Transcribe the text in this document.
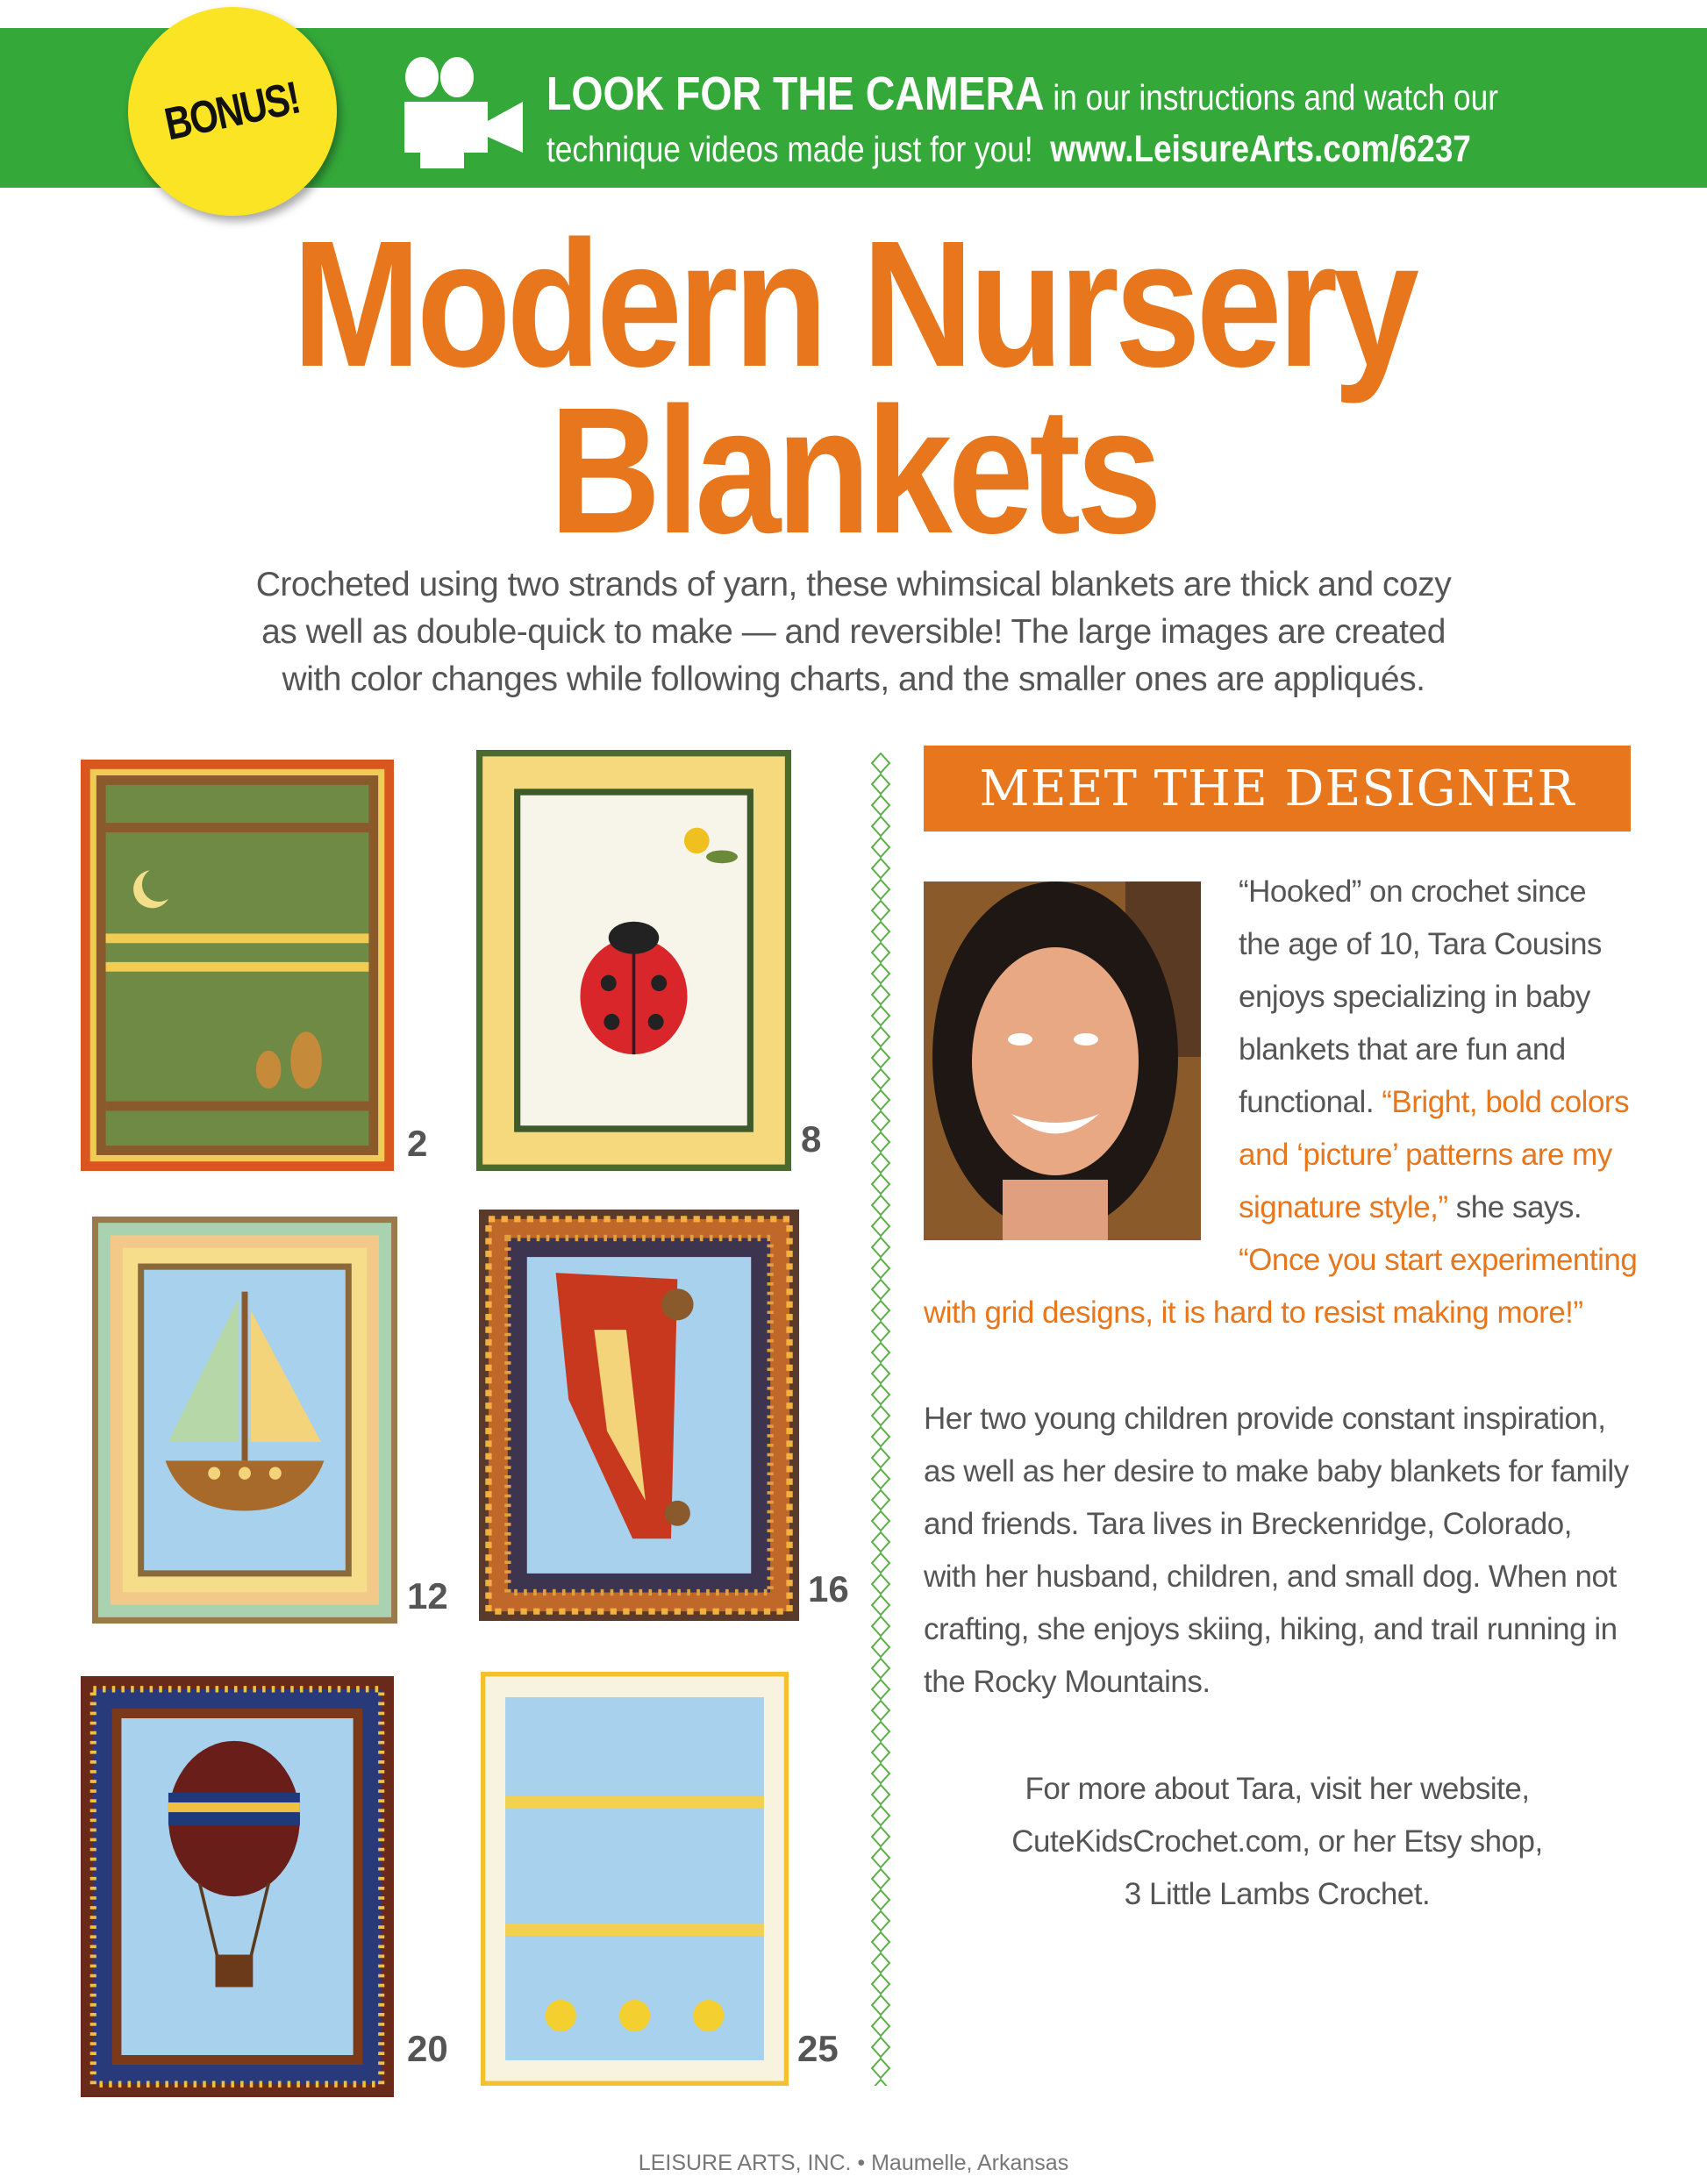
BONUS!	LOOK FOR THE CAMERA in our instructions and watch our
technique videos made just for you! www.LeisureArts.com/6237
Modern Nursery
Blankets

Crocheted using two strands of yarn, these whimsical blankets are thick and cozy

as well as double-quick to make — and reversible! The large images are created

with color changes while following charts, and the smaller ones are appliqués.

2	8
12	16
20	25
MEET THE DESIGNER
“Hooked” on crochet since
the age of 10, Tara Cousins
enjoys specializing in baby
blankets that are fun and
functional. “Bright, bold colors
and ‘picture’ patterns are my
signature style,” she says.
“Once you start experimenting
with grid designs, it is hard to resist making more!”
Her two young children provide constant inspiration,
as well as her desire to make baby blankets for family
and friends. Tara lives in Breckenridge, Colorado,
with her husband, children, and small dog. When not
crafting, she enjoys skiing, hiking, and trail running in
the Rocky Mountains.
For more about Tara, visit her website,
CuteKidsCrochet.com, or her Etsy shop,
3 Little Lambs Crochet.
LEISURE ARTS, INC. • Maumelle, Arkansas
